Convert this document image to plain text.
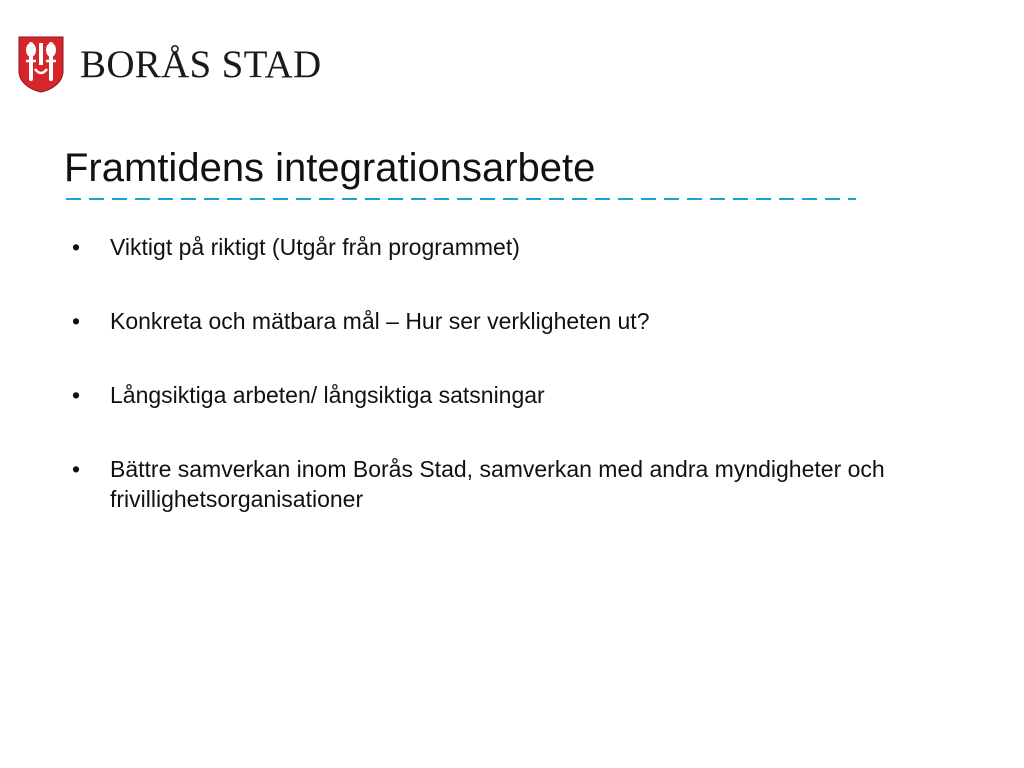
BORÅS STAD
Framtidens integrationsarbete
• Viktigt på riktigt (Utgår från programmet)
• Konkreta och mätbara mål – Hur ser verkligheten ut?
• Långsiktiga arbeten/ långsiktiga satsningar
• Bättre samverkan inom Borås Stad, samverkan med andra myndigheter och frivillighetsorganisationer
